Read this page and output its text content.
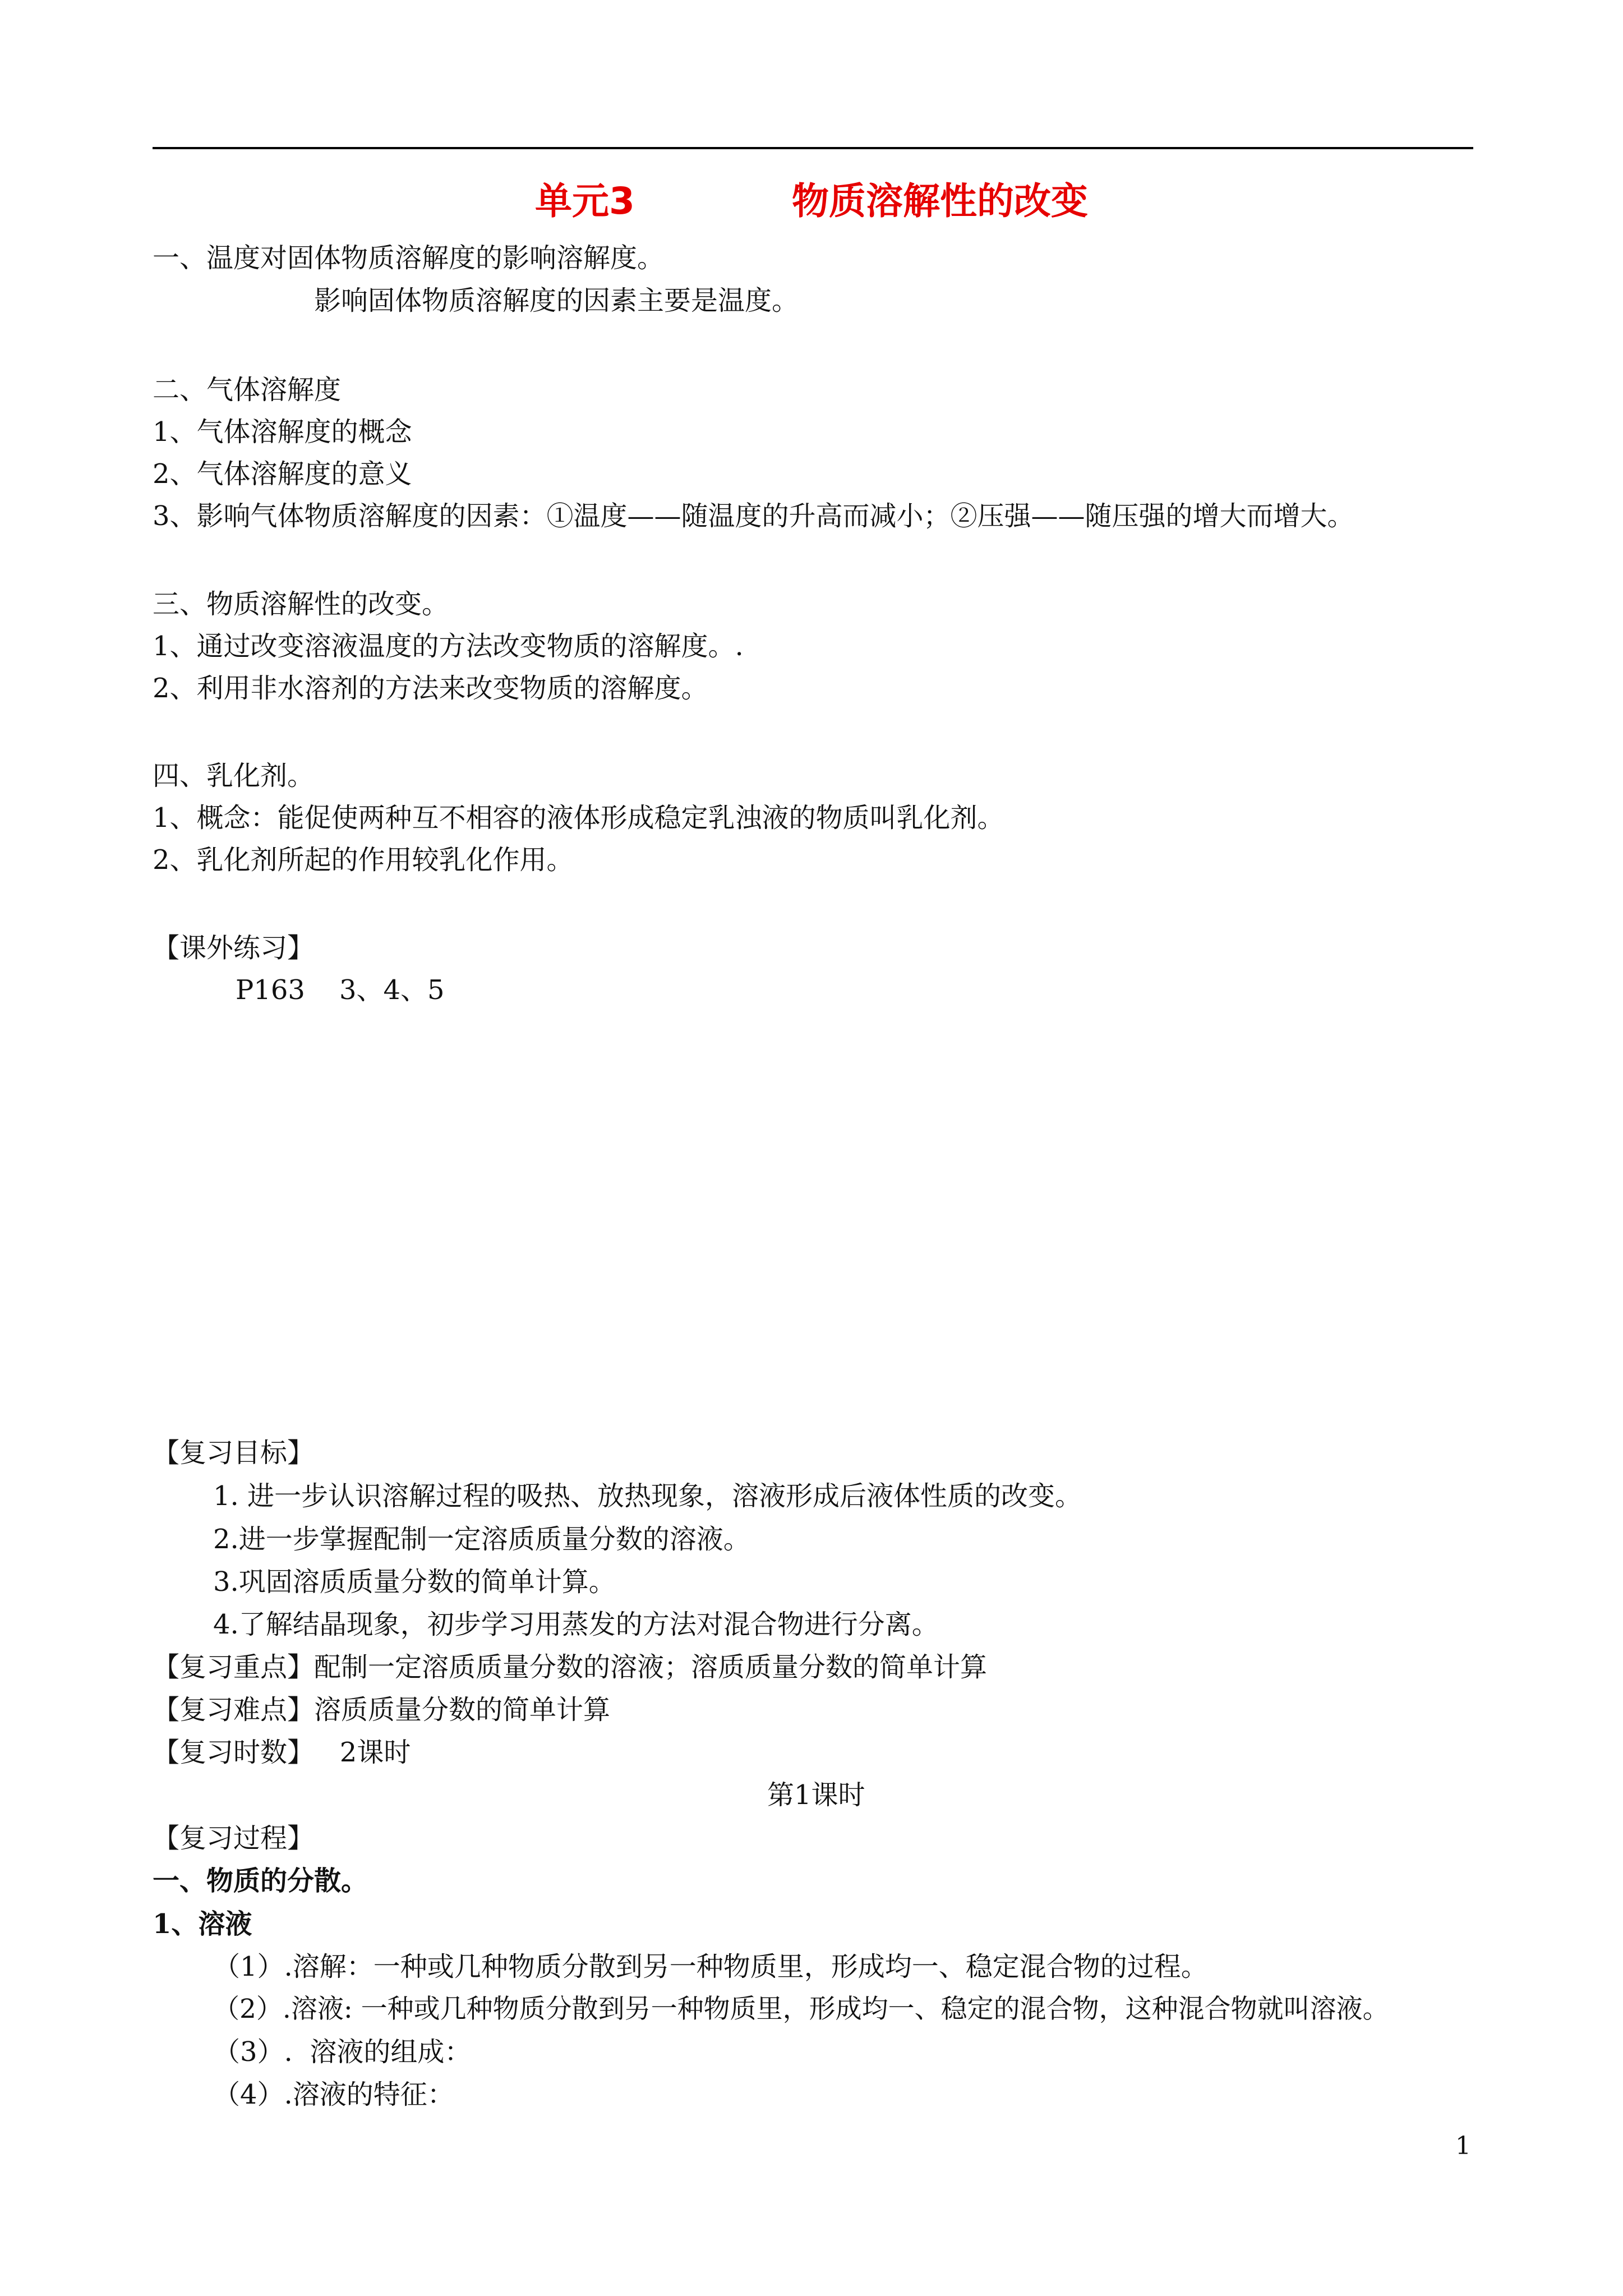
单元3	物质溶解性的改变
一、温度对固体物质溶解度的影响溶解度。
影响固体物质溶解度的因素主要是温度。
二、气体溶解度
1、气体溶解度的概念
2、气体溶解度的意义
3、影响气体物质溶解度的因素：①温度——随温度的升高而减小；②压强——随压强的增大而增大。
三、物质溶解性的改变。
1、通过改变溶液温度的方法改变物质的溶解度。.
2、利用非水溶剂的方法来改变物质的溶解度。
四、乳化剂。
1、概念：能促使两种互不相容的液体形成稳定乳浊液的物质叫乳化剂。
2、乳化剂所起的作用较乳化作用。
【课外练习】
P163    3、4、5
【复习目标】
1. 进一步认识溶解过程的吸热、放热现象，溶液形成后液体性质的改变。
2.进一步掌握配制一定溶质质量分数的溶液。
3.巩固溶质质量分数的简单计算。
4.了解结晶现象，初步学习用蒸发的方法对混合物进行分离。
【复习重点】配制一定溶质质量分数的溶液；溶质质量分数的简单计算
【复习难点】溶质质量分数的简单计算
【复习时数】   2课时
第1课时
【复习过程】
一、物质的分散。
1、溶液
（1）.溶解：一种或几种物质分散到另一种物质里，形成均一、稳定混合物的过程。
（2）.溶液: 一种或几种物质分散到另一种物质里，形成均一、稳定的混合物，这种混合物就叫溶液。
（3）.  溶液的组成：
（4）.溶液的特征：
1
